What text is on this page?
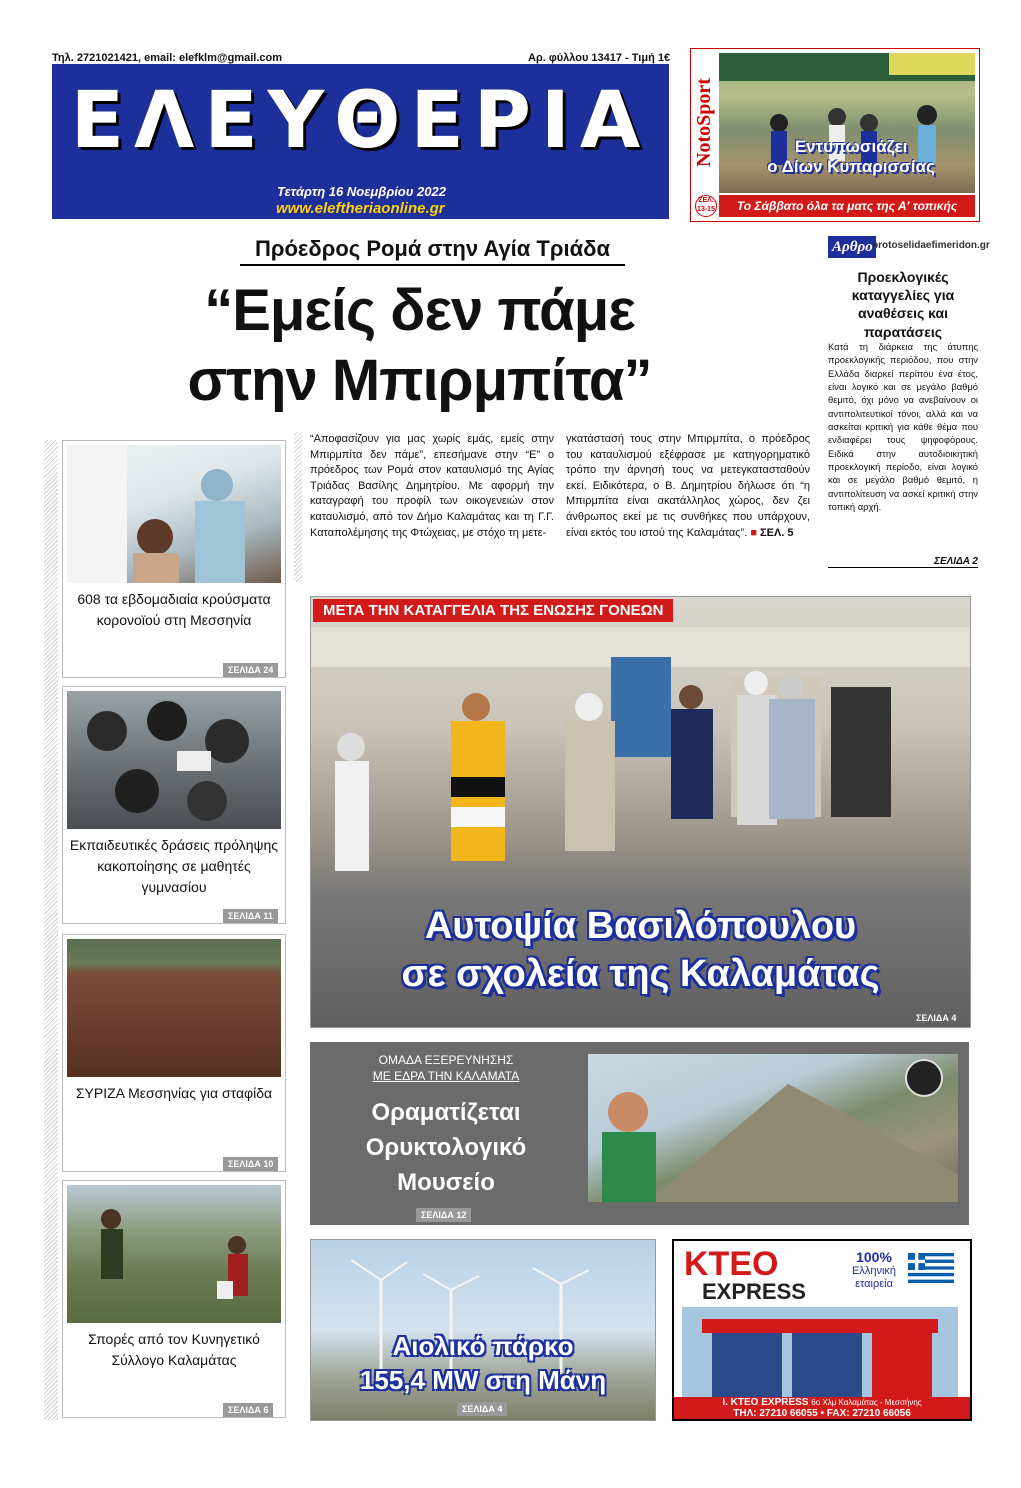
Τηλ. 2721021421, email: elefklm@gmail.com	Αρ. φύλλου 13417 - Τιμή 1€
ΕΛΕΥΘΕΡΙΑ
Τετάρτη 16 Νοεμβρίου 2022
www.eleftheriaonline.gr
NotoSport	Εντυπωσιάζει
ο Δίων Κυπαρισσίας
ΣΕΛ.
13-15	Το Σάββατο όλα τα ματς της Α' τοπικής
Πρόεδρος Ρομά στην Αγία Τριάδα
“Εμείς δεν πάμε
στην Μπιρμπίτα”
“Αποφασίζουν για μας χωρίς εμάς, εμείς στην Μπιρμπίτα δεν πάμε”, επεσήμανε στην “Ε” ο πρόεδρος των Ρομά στον καταυλισμό της Αγίας Τριάδας Βασίλης Δημητρίου. Με αφορμή την καταγραφή του προφίλ των οικογενειών στον καταυλισμό, από τον Δήμο Καλαμάτας και τη Γ.Γ. Καταπολέμησης της Φτώχειας, με στόχο τη μετε-
γκατάστασή τους στην Μπιρμπίτα, ο πρόεδρος του καταυλισμού εξέφρασε με κατηγορηματικό τρόπο την άρνησή τους να μετεγκατασταθούν εκεί. Ειδικότερα, ο Β. Δημητρίου δήλωσε ότι “η Μπιρμπίτα είναι ακατάλληλος χώρος, δεν ζει άνθρωπος εκεί με τις συνθήκες που υπάρχουν, είναι εκτός του ιστού της Καλαμάτας”. ■ ΣΕΛ. 5
Αρθρο protoselidaefimeridon.gr
Προεκλογικές καταγγελίες για αναθέσεις και παρατάσεις
Κατά τη διάρκεια της άτυπης προεκλογικής περιόδου, που στην Ελλάδα διαρκεί περίπου ένα έτος, είναι λογικό και σε μεγάλο βαθμό θεμιτό, όχι μόνο να ανεβαίνουν οι αντιπολιτευτικοί τόνοι, αλλά και να ασκείται κριτική για κάθε θέμα που ενδιαφέρει τους ψηφοφόρους. Ειδικά στην αυτοδιοικητική προεκλογική περίοδο, είναι λογικό και σε μεγάλο βαθμό θεμιτό, η αντιπολίτευση να ασκεί κριτική στην τοπική αρχή.
ΣΕΛΙΔΑ 2
608 τα εβδομαδιαία κρούσματα κορονοϊού στη Μεσσηνία
ΣΕΛΙΔΑ 24
Εκπαιδευτικές δράσεις πρόληψης κακοποίησης σε μαθητές γυμνασίου
ΣΕΛΙΔΑ 11
ΣΥΡΙΖΑ Μεσσηνίας για σταφίδα
ΣΕΛΙΔΑ 10
Σπορές από τον Κυνηγετικό Σύλλογο Καλαμάτας
ΣΕΛΙΔΑ 6
ΜΕΤΑ ΤΗΝ ΚΑΤΑΓΓΕΛΙΑ ΤΗΣ ΕΝΩΣΗΣ ΓΟΝΕΩΝ
Αυτοψία Βασιλόπουλου
σε σχολεία της Καλαμάτας
ΣΕΛΙΔΑ 4
ΟΜΑΔΑ ΕΞΕΡΕΥΝΗΣΗΣ
ΜΕ ΕΔΡΑ ΤΗΝ ΚΑΛΑΜΑΤΑ
Οραματίζεται
Ορυκτολογικό
Μουσείο
ΣΕΛΙΔΑ 12
Αιολικό πάρκο
155,4 MW στη Μάνη
ΣΕΛΙΔΑ 4
KTEO
EXPRESS
100%
Ελληνική
εταιρεία
Ι. ΚΤΕΟ EXPRESS 6ο Χλμ Καλαμάτας - Μεσσήνης
ΤΗΛ: 27210 66055 • FAX: 27210 66056
